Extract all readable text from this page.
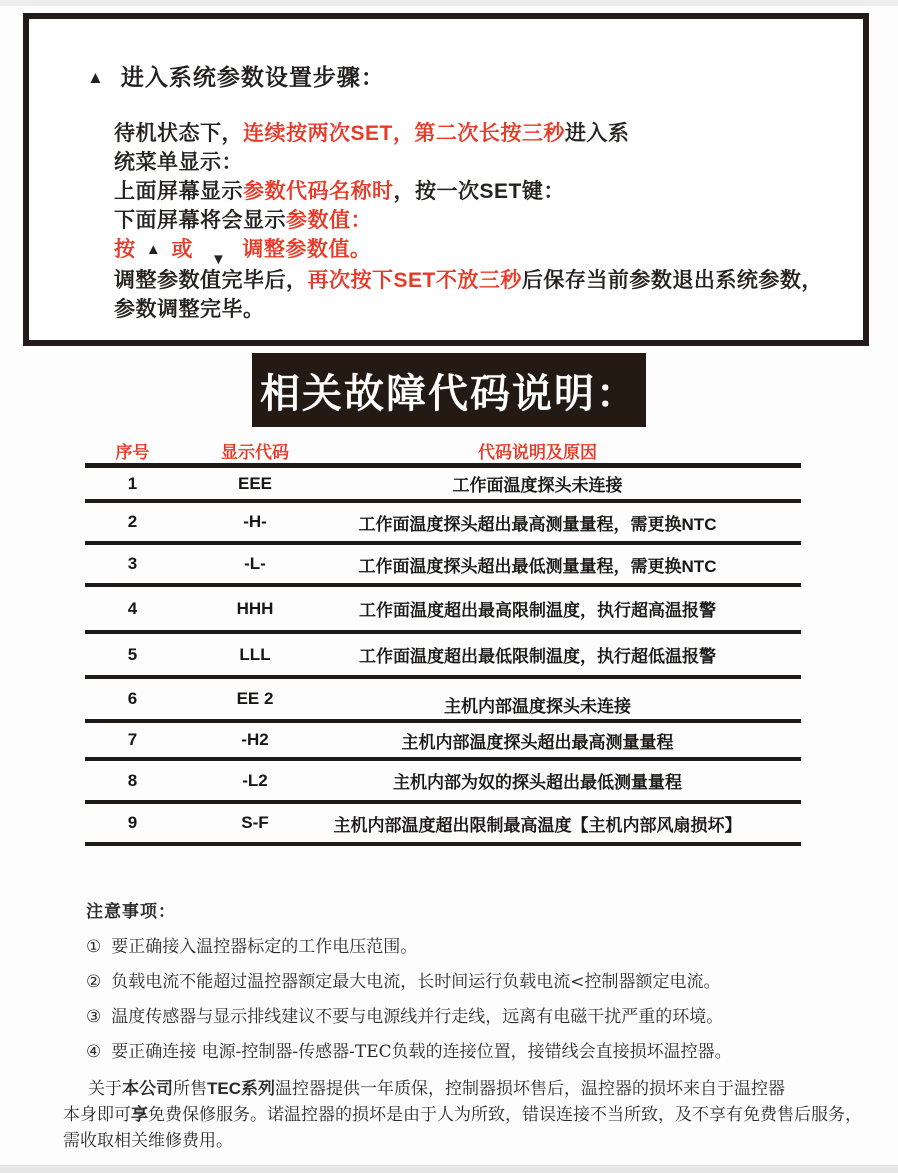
▲ 进入系统参数设置步骤：
待机状态下，连续按两次SET，第二次长按三秒进入系
统菜单显示：
上面屏幕显示参数代码名称时，按一次SET键：
下面屏幕将会显示参数值：
按 ▲ 或 $_▼$ 调整参数值。
调整参数值完毕后，再次按下SET不放三秒后保存当前参数退出系统参数，
参数调整完毕。
相关故障代码说明：
序号	显示代码	代码说明及原因
1	EEE	工作面温度探头未连接
2	-H-	工作面温度探头超出最高测量量程，需更换NTC
3	-L-	工作面温度探头超出最低测量量程，需更换NTC
4	HHH	工作面温度超出最高限制温度，执行超高温报警
5	LLL	工作面温度超出最低限制温度，执行超低温报警
6	EE 2	主机内部温度探头未连接
7	-H2	主机内部温度探头超出最高测量量程
8	-L2	主机内部为奴的探头超出最低测量量程
9	S-F	主机内部温度超出限制最高温度【主机内部风扇损坏】
注意事项：
① 要正确接入温控器标定的工作电压范围。
② 负载电流不能超过温控器额定最大电流，长时间运行负载电流<控制器额定电流。
③ 温度传感器与显示排线建议不要与电源线并行走线，远离有电磁干扰严重的环境。
④ 要正确连接 电源-控制器-传感器-TEC负载的连接位置，接错线会直接损坏温控器。
关于本公司所售TEC系列温控器提供一年质保，控制器损坏售后，温控器的损坏来自于温控器
本身即可享免费保修服务。诺温控器的损坏是由于人为所致，错误连接不当所致，及不享有免费售后服务，
需收取相关维修费用。
